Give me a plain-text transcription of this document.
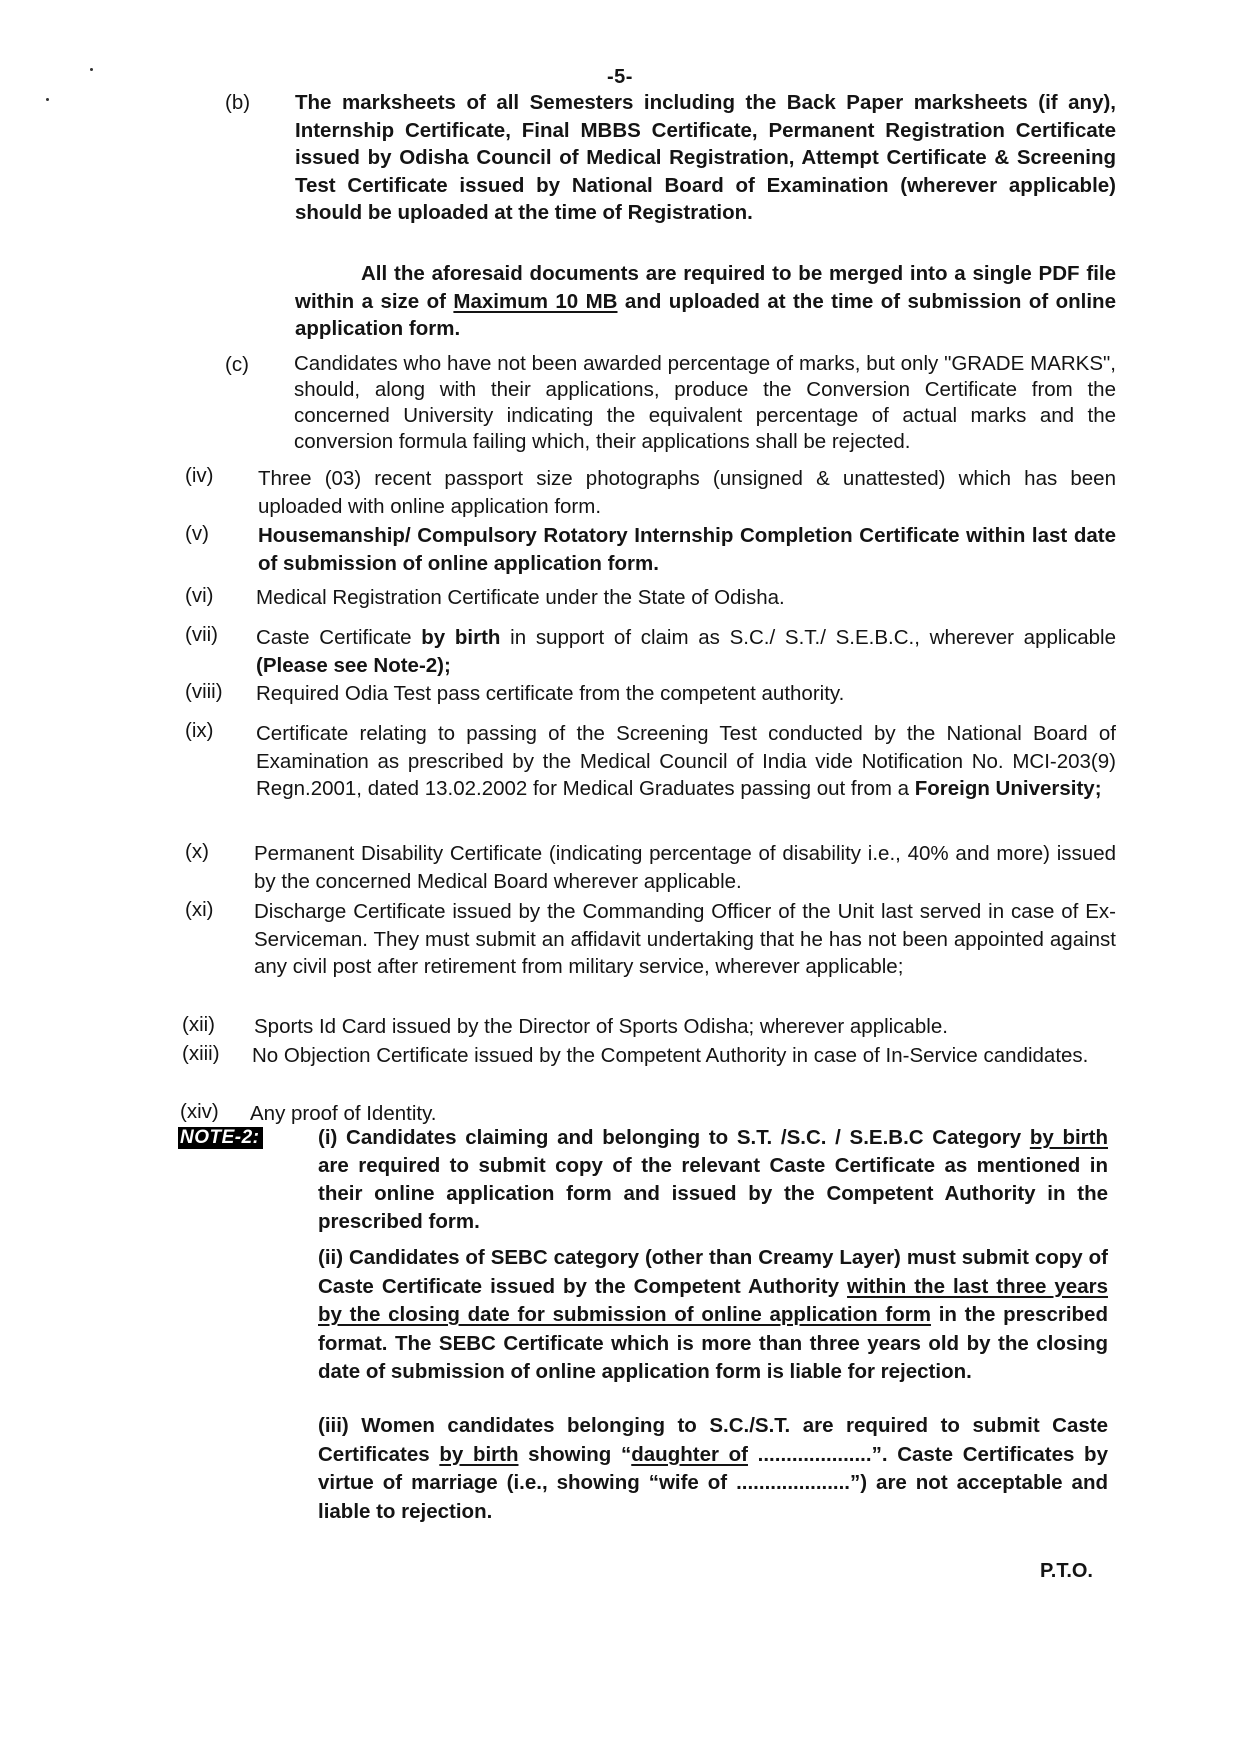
-5-
(b) The marksheets of all Semesters including the Back Paper marksheets (if any), Internship Certificate, Final MBBS Certificate, Permanent Registration Certificate issued by Odisha Council of Medical Registration, Attempt Certificate & Screening Test Certificate issued by National Board of Examination (wherever applicable) should be uploaded at the time of Registration.
All the aforesaid documents are required to be merged into a single PDF file within a size of Maximum 10 MB and uploaded at the time of submission of online application form.
(c) Candidates who have not been awarded percentage of marks, but only "GRADE MARKS", should, along with their applications, produce the Conversion Certificate from the concerned University indicating the equivalent percentage of actual marks and the conversion formula failing which, their applications shall be rejected.
(iv) Three (03) recent passport size photographs (unsigned & unattested) which has been uploaded with online application form.
(v) Housemanship/ Compulsory Rotatory Internship Completion Certificate within last date of submission of online application form.
(vi) Medical Registration Certificate under the State of Odisha.
(vii) Caste Certificate by birth in support of claim as S.C./ S.T./ S.E.B.C., wherever applicable (Please see Note-2);
(viii) Required Odia Test pass certificate from the competent authority.
(ix) Certificate relating to passing of the Screening Test conducted by the National Board of Examination as prescribed by the Medical Council of India vide Notification No. MCI-203(9) Regn.2001, dated 13.02.2002 for Medical Graduates passing out from a Foreign University;
(x) Permanent Disability Certificate (indicating percentage of disability i.e., 40% and more) issued by the concerned Medical Board wherever applicable.
(xi) Discharge Certificate issued by the Commanding Officer of the Unit last served in case of Ex-Serviceman. They must submit an affidavit undertaking that he has not been appointed against any civil post after retirement from military service, wherever applicable;
(xii) Sports Id Card issued by the Director of Sports Odisha; wherever applicable.
(xiii) No Objection Certificate issued by the Competent Authority in case of In-Service candidates.
(xiv) Any proof of Identity.
NOTE-2:	(i) Candidates claiming and belonging to S.T. /S.C. / S.E.B.C Category by birth are required to submit copy of the relevant Caste Certificate as mentioned in their online application form and issued by the Competent Authority in the prescribed form.
(ii) Candidates of SEBC category (other than Creamy Layer) must submit copy of Caste Certificate issued by the Competent Authority within the last three years by the closing date for submission of online application form in the prescribed format. The SEBC Certificate which is more than three years old by the closing date of submission of online application form is liable for rejection.
(iii) Women candidates belonging to S.C./S.T. are required to submit Caste Certificates by birth showing “daughter of ....................”. Caste Certificates by virtue of marriage (i.e., showing “wife of ....................”) are not acceptable and liable to rejection.
P.T.O.
